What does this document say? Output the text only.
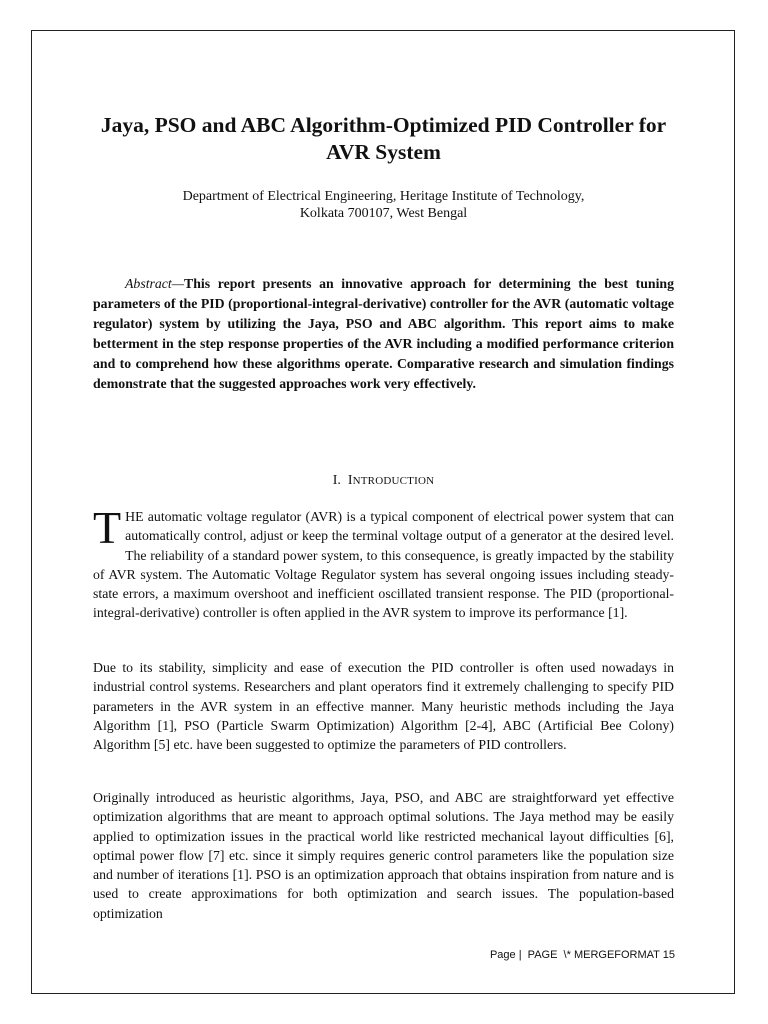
Jaya, PSO and ABC Algorithm-Optimized PID Controller for AVR System
Department of Electrical Engineering, Heritage Institute of Technology,
Kolkata 700107, West Bengal
Abstract—This report presents an innovative approach for determining the best tuning parameters of the PID (proportional-integral-derivative) controller for the AVR (automatic voltage regulator) system by utilizing the Jaya, PSO and ABC algorithm. This report aims to make betterment in the step response properties of the AVR including a modified performance criterion and to comprehend how these algorithms operate. Comparative research and simulation findings demonstrate that the suggested approaches work very effectively.
I. INTRODUCTION
THE automatic voltage regulator (AVR) is a typical component of electrical power system that can automatically control, adjust or keep the terminal voltage output of a generator at the desired level. The reliability of a standard power system, to this consequence, is greatly impacted by the stability of AVR system. The Automatic Voltage Regulator system has several ongoing issues including steady-state errors, a maximum overshoot and inefficient oscillated transient response. The PID (proportional-integral-derivative) controller is often applied in the AVR system to improve its performance [1].
Due to its stability, simplicity and ease of execution the PID controller is often used nowadays in industrial control systems. Researchers and plant operators find it extremely challenging to specify PID parameters in the AVR system in an effective manner. Many heuristic methods including the Jaya Algorithm [1], PSO (Particle Swarm Optimization) Algorithm [2-4], ABC (Artificial Bee Colony) Algorithm [5] etc. have been suggested to optimize the parameters of PID controllers.
Originally introduced as heuristic algorithms, Jaya, PSO, and ABC are straightforward yet effective optimization algorithms that are meant to approach optimal solutions. The Jaya method may be easily applied to optimization issues in the practical world like restricted mechanical layout difficulties [6], optimal power flow [7] etc. since it simply requires generic control parameters like the population size and number of iterations [1]. PSO is an optimization approach that obtains inspiration from nature and is used to create approximations for both optimization and search issues. The population-based optimization
Page |  PAGE  \* MERGEFORMAT 15
